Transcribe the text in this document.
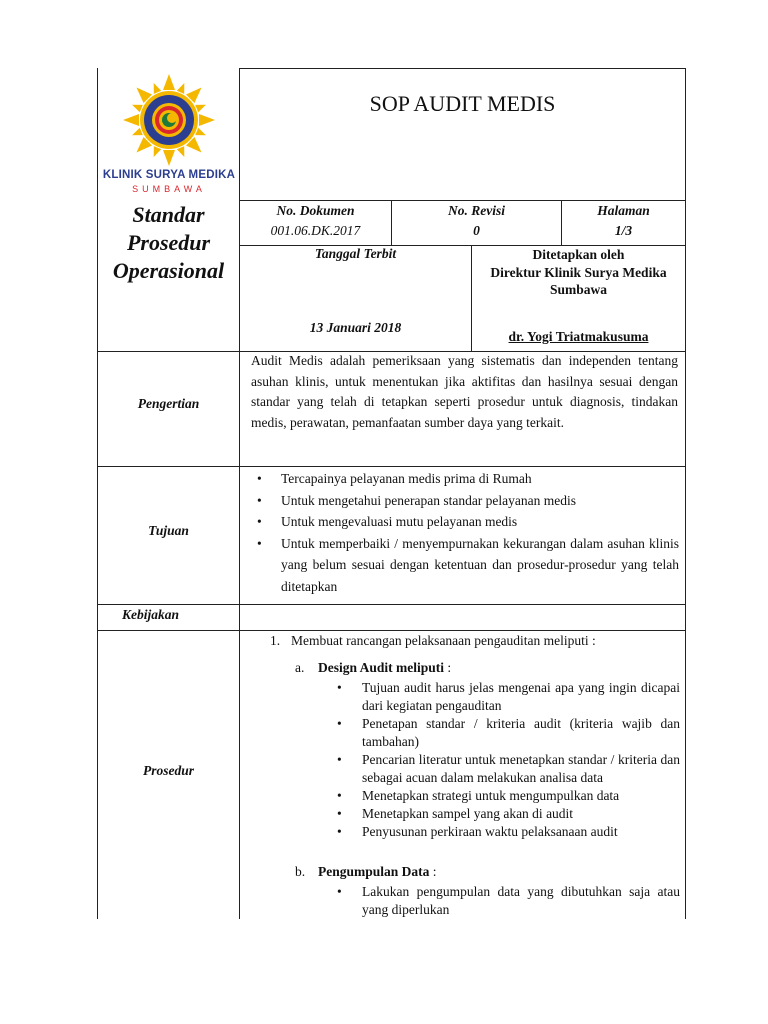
KLINIK SURYA MEDIKA
SUMBAWA
SOP AUDIT MEDIS
Standar
Prosedur
Operasional
No. Dokumen
001.06.DK.2017
No. Revisi
0
Halaman
1/3
Tanggal Terbit
13 Januari 2018
Ditetapkan oleh
Direktur Klinik Surya Medika
Sumbawa
dr. Yogi Triatmakusuma
Pengertian
Audit Medis adalah pemeriksaan yang sistematis dan independen tentang asuhan klinis, untuk menentukan jika aktifitas dan hasilnya sesuai dengan standar yang telah di tetapkan seperti prosedur untuk diagnosis, tindakan medis, perawatan, pemanfaatan sumber daya yang terkait.
Tujuan
• Tercapainya pelayanan medis prima di Rumah
• Untuk mengetahui penerapan standar pelayanan medis
• Untuk mengevaluasi mutu pelayanan medis
• Untuk memperbaiki / menyempurnakan kekurangan dalam asuhan klinis yang belum sesuai dengan ketentuan dan prosedur-prosedur yang telah ditetapkan
Kebijakan
Prosedur
1. Membuat rancangan pelaksanaan pengauditan meliputi :
a. Design Audit meliputi :
• Tujuan audit harus jelas mengenai apa yang ingin dicapai dari kegiatan pengauditan
• Penetapan standar / kriteria audit (kriteria wajib dan tambahan)
• Pencarian literatur untuk menetapkan standar / kriteria dan sebagai acuan dalam melakukan analisa data
• Menetapkan strategi untuk mengumpulkan data
• Menetapkan sampel yang akan di audit
• Penyusunan perkiraan waktu pelaksanaan audit
b. Pengumpulan Data :
• Lakukan pengumpulan data yang dibutuhkan saja atau yang diperlukan
